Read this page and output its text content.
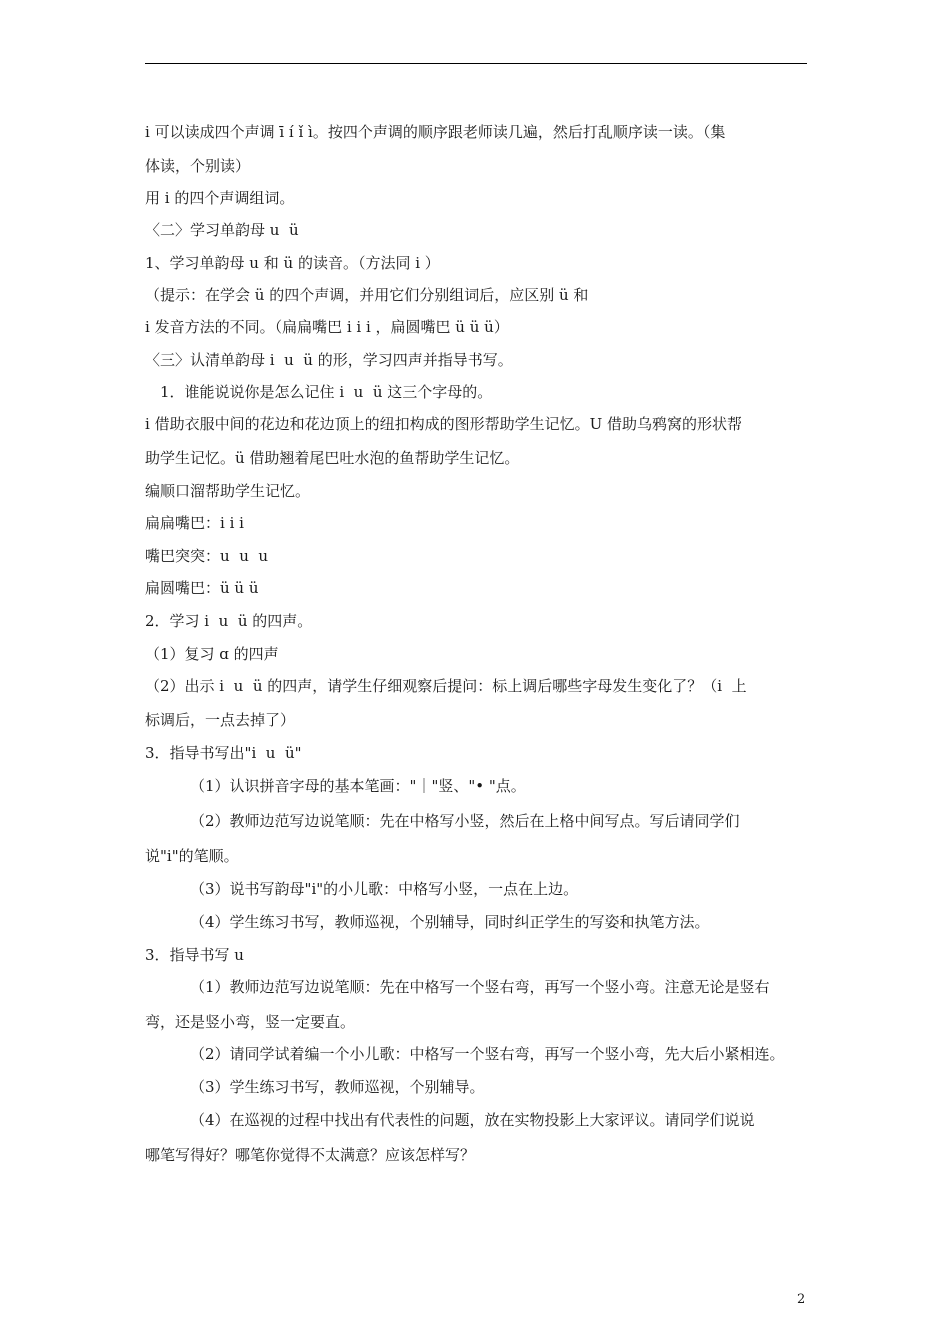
i 可以读成四个声调 ī í ǐ ì。按四个声调的顺序跟老师读几遍，然后打乱顺序读一读。（集
体读，个别读）
用 i 的四个声调组词。
〈二〉学习单韵母 u  ü
1、学习单韵母 u 和 ü 的读音。（方法同 i ）
（提示：在学会 ü 的四个声调，并用它们分别组词后，应区别 ü 和
i 发音方法的不同。（扁扁嘴巴 i i i ，扁圆嘴巴 ü ü ü）
〈三〉认清单韵母 i  u  ü 的形，学习四声并指导书写。
1．谁能说说你是怎么记住 i  u  ü 这三个字母的。
i 借助衣服中间的花边和花边顶上的纽扣构成的图形帮助学生记忆。U 借助乌鸦窝的形状帮
助学生记忆。ü 借助翘着尾巴吐水泡的鱼帮助学生记忆。
编顺口溜帮助学生记忆。
扁扁嘴巴：i i i
嘴巴突突：u  u  u
扁圆嘴巴：ü ü ü
2．学习 i  u  ü 的四声。
（1）复习 ɑ 的四声
（2）出示 i  u  ü 的四声，请学生仔细观察后提问：标上调后哪些字母发生变化了？（i  上
标调后，一点去掉了）
3．指导书写出"i  u  ü"
（1）认识拼音字母的基本笔画："｜"竖、"• "点。
（2）教师边范写边说笔顺：先在中格写小竖，然后在上格中间写点。写后请同学们
说"i"的笔顺。
（3）说书写韵母"i"的小儿歌：中格写小竖，一点在上边。
（4）学生练习书写，教师巡视，个别辅导，同时纠正学生的写姿和执笔方法。
3．指导书写 u
（1）教师边范写边说笔顺：先在中格写一个竖右弯，再写一个竖小弯。注意无论是竖右
弯，还是竖小弯，竖一定要直。
（2）请同学试着编一个小儿歌：中格写一个竖右弯，再写一个竖小弯，先大后小紧相连。
（3）学生练习书写，教师巡视，个别辅导。
（4）在巡视的过程中找出有代表性的问题，放在实物投影上大家评议。请同学们说说
哪笔写得好？哪笔你觉得不太满意？应该怎样写？
2
